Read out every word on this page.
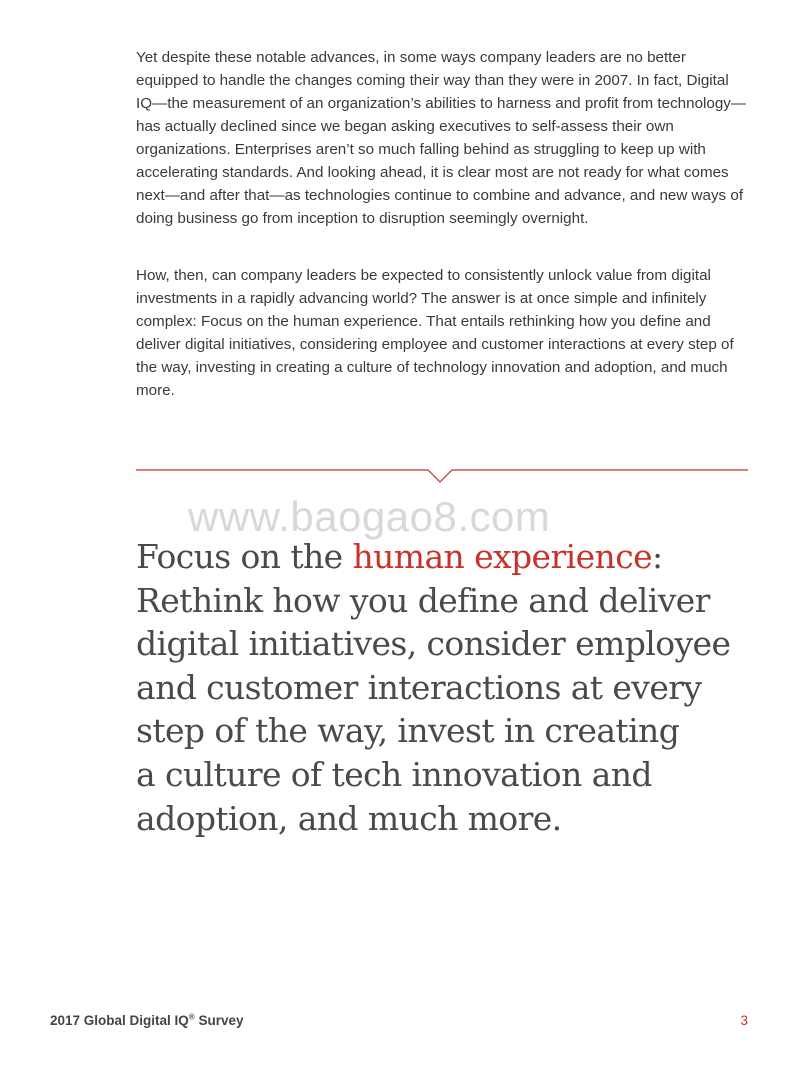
Yet despite these notable advances, in some ways company leaders are no better equipped to handle the changes coming their way than they were in 2007. In fact, Digital IQ—the measurement of an organization’s abilities to harness and profit from technology—has actually declined since we began asking executives to self-assess their own organizations. Enterprises aren’t so much falling behind as struggling to keep up with accelerating standards. And looking ahead, it is clear most are not ready for what comes next—and after that—as technologies continue to combine and advance, and new ways of doing business go from inception to disruption seemingly overnight.

How, then, can company leaders be expected to consistently unlock value from digital investments in a rapidly advancing world? The answer is at once simple and infinitely complex: Focus on the human experience. That entails rethinking how you define and deliver digital initiatives, considering employee and customer interactions at every step of the way, investing in creating a culture of technology innovation and adoption, and much more.

www.baogao8.com
Focus on the human experience:
Rethink how you define and deliver
digital initiatives, consider employee
and customer interactions at every
step of the way, invest in creating
a culture of tech innovation and
adoption, and much more.
2017 Global Digital IQ® Survey	3
